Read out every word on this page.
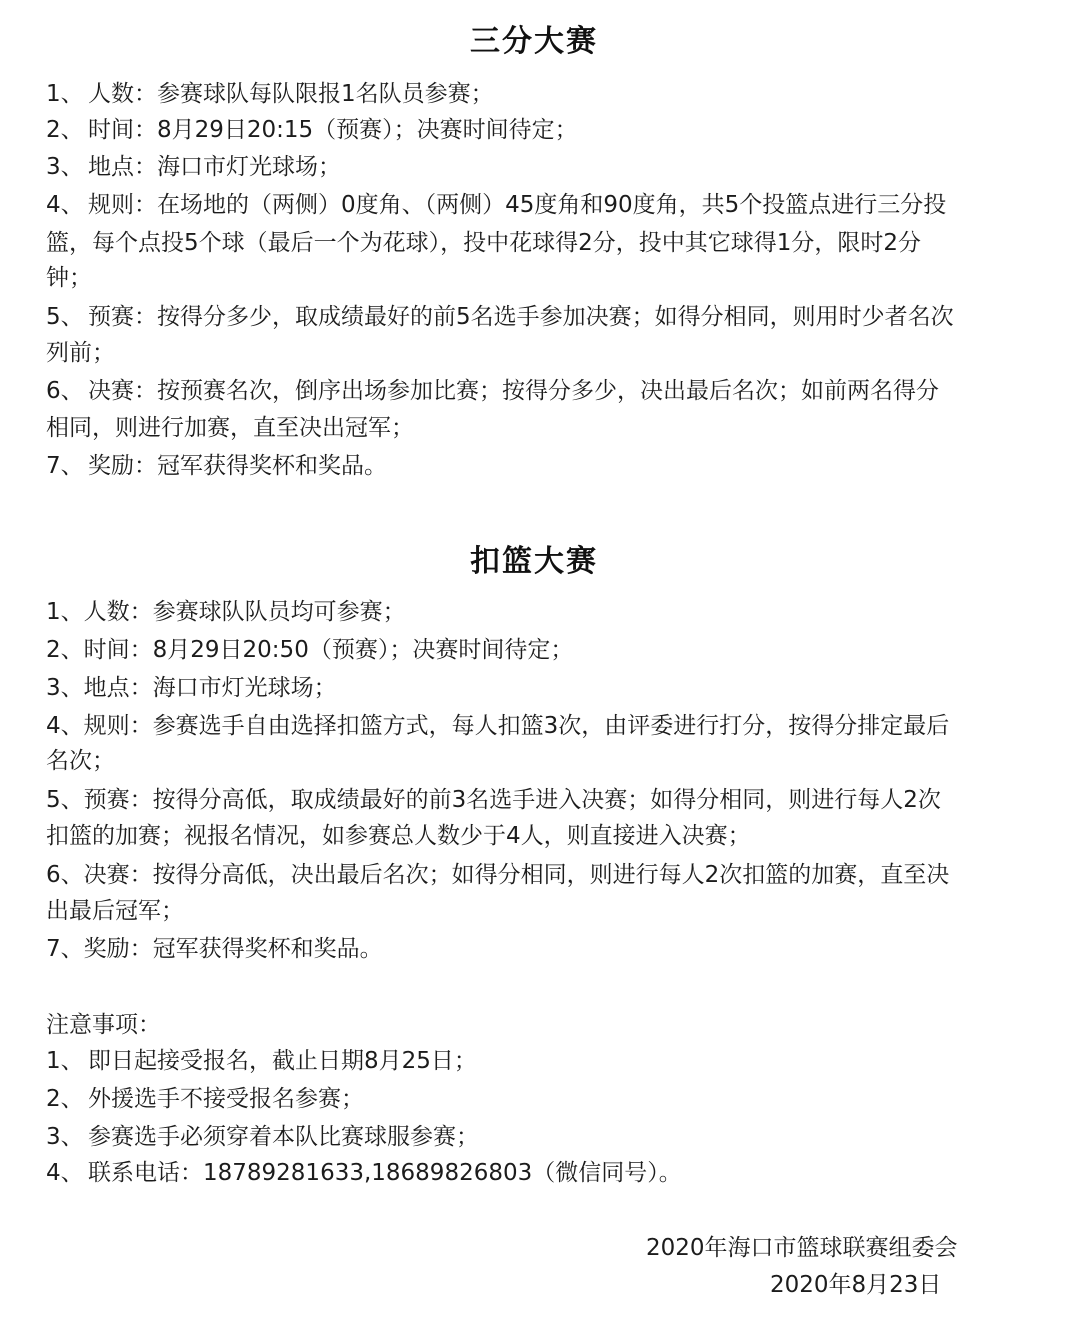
三分大赛
1、 人数：参赛球队每队限报1名队员参赛；
2、 时间：8月29日20:15（预赛）；决赛时间待定；
3、 地点：海口市灯光球场；
4、 规则：在场地的（两侧）0度角、（两侧）45度角和90度角，共5个投篮点进行三分投
篮，每个点投5个球（最后一个为花球），投中花球得2分，投中其它球得1分，限时2分
钟；
5、 预赛：按得分多少，取成绩最好的前5名选手参加决赛；如得分相同，则用时少者名次
列前；
6、 决赛：按预赛名次，倒序出场参加比赛；按得分多少，决出最后名次；如前两名得分
相同，则进行加赛，直至决出冠军；
7、 奖励：冠军获得奖杯和奖品。
扣篮大赛
1、人数：参赛球队队员均可参赛；
2、时间：8月29日20:50（预赛）；决赛时间待定；
3、地点：海口市灯光球场；
4、规则：参赛选手自由选择扣篮方式，每人扣篮3次，由评委进行打分，按得分排定最后
名次；
5、预赛：按得分高低，取成绩最好的前3名选手进入决赛；如得分相同，则进行每人2次
扣篮的加赛；视报名情况，如参赛总人数少于4人，则直接进入决赛；
6、决赛：按得分高低，决出最后名次；如得分相同，则进行每人2次扣篮的加赛，直至决
出最后冠军；
7、奖励：冠军获得奖杯和奖品。
注意事项：
1、 即日起接受报名，截止日期8月25日；
2、 外援选手不接受报名参赛；
3、 参赛选手必须穿着本队比赛球服参赛；
4、 联系电话：18789281633,18689826803（微信同号）。
2020年海口市篮球联赛组委会
2020年8月23日
